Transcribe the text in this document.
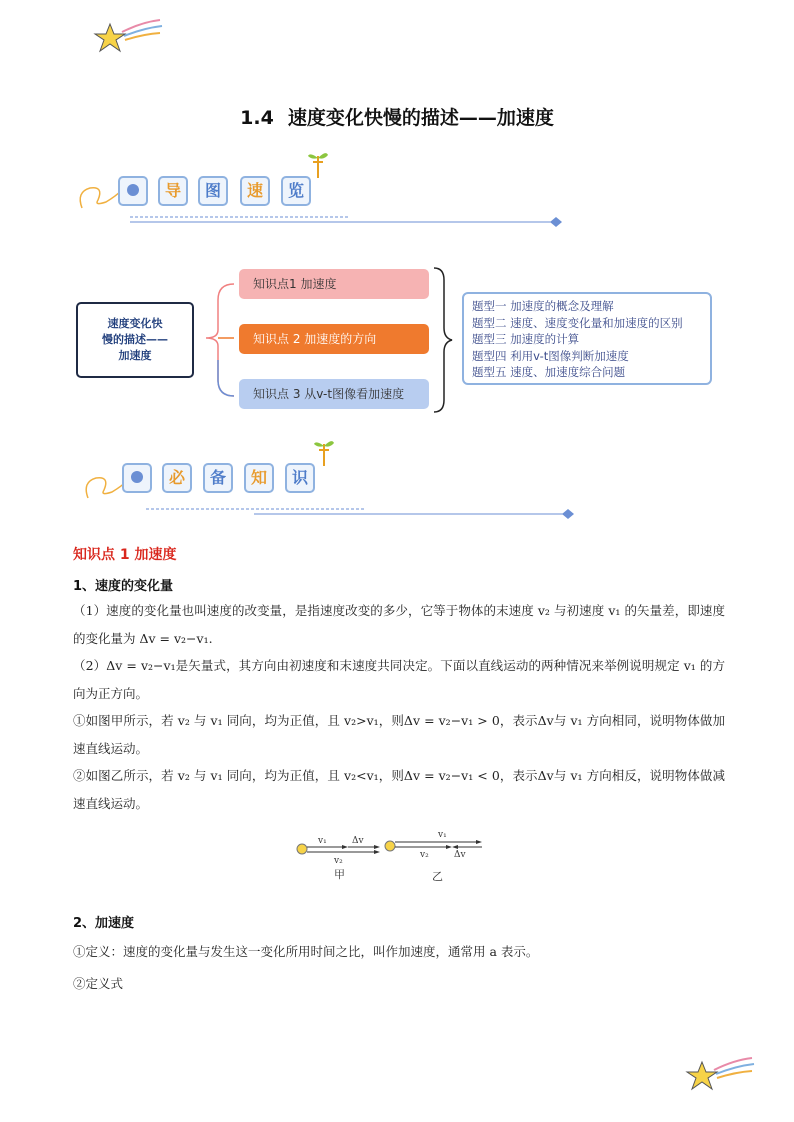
1.4 速度变化快慢的描述——加速度
导	图	速	览
速度变化快
慢的描述——
加速度
知识点1 加速度
知识点 2 加速度的方向
知识点 3 从v-t图像看加速度
题型一 加速度的概念及理解
题型二 速度、速度变化量和加速度的区别
题型三 加速度的计算
题型四 利用v-t图像判断加速度
题型五 速度、加速度综合问题
必	备	知	识
知识点 1 加速度
1、速度的变化量
（1）速度的变化量也叫速度的改变量，是指速度改变的多少，它等于物体的末速度 v₂ 与初速度 v₁ 的矢量差，即速度的变化量为 Δv = v₂−v₁.
（2）Δv = v₂−v₁是矢量式，其方向由初速度和末速度共同决定。下面以直线运动的两种情况来举例说明规定 v₁ 的方向为正方向。
①如图甲所示，若 v₂ 与 v₁ 同向，均为正值，且 v₂>v₁，则Δv = v₂−v₁ > 0，表示Δv与 v₁ 方向相同，说明物体做加速直线运动。
②如图乙所示，若 v₂ 与 v₁ 同向，均为正值，且 v₂<v₁，则Δv = v₂−v₁ < 0，表示Δv与 v₁ 方向相反，说明物体做减速直线运动。
v₁	Δv
v₂
甲
v₁
v₂	Δv
乙
2、加速度
①定义：速度的变化量与发生这一变化所用时间之比，叫作加速度，通常用 a 表示。
②定义式
